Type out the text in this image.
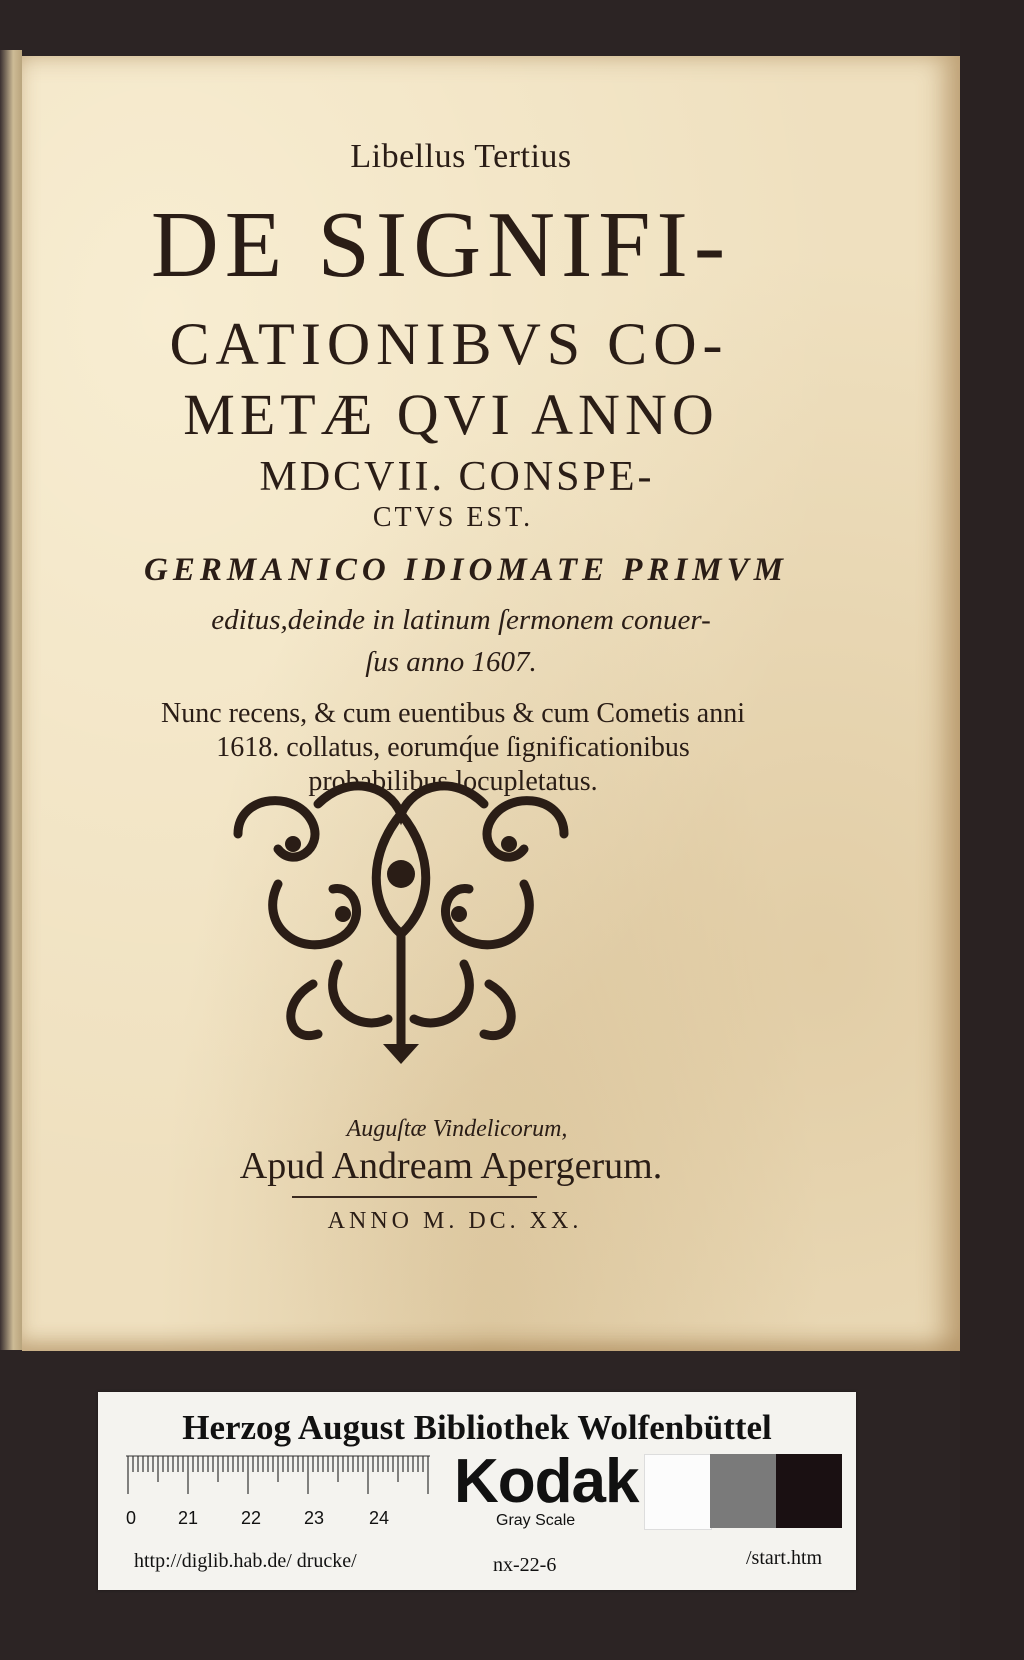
Libellus Tertius
DE SIGNIFI-
CATIONIBVS CO-
METÆ QVI ANNO
MDCVII. CONSPE-
CTVS EST.
GERMANICO IDIOMATE PRIMVM
editus,deinde in latinum ſermonem conuer-
ſus anno 1607.
Nunc recens, & cum euentibus & cum Cometis anni
1618. collatus, eorumq́ue ſignificationibus
probabilibus locupletatus.
Auguſtæ Vindelicorum,
Apud Andream Apergerum.
ANNO M. DC. XX.
Herzog August Bibliothek Wolfenbüttel
0 21 22 23 24
Kodak
Gray Scale
http://diglib.hab.de/ drucke/	nx-22-6	/start.htm
